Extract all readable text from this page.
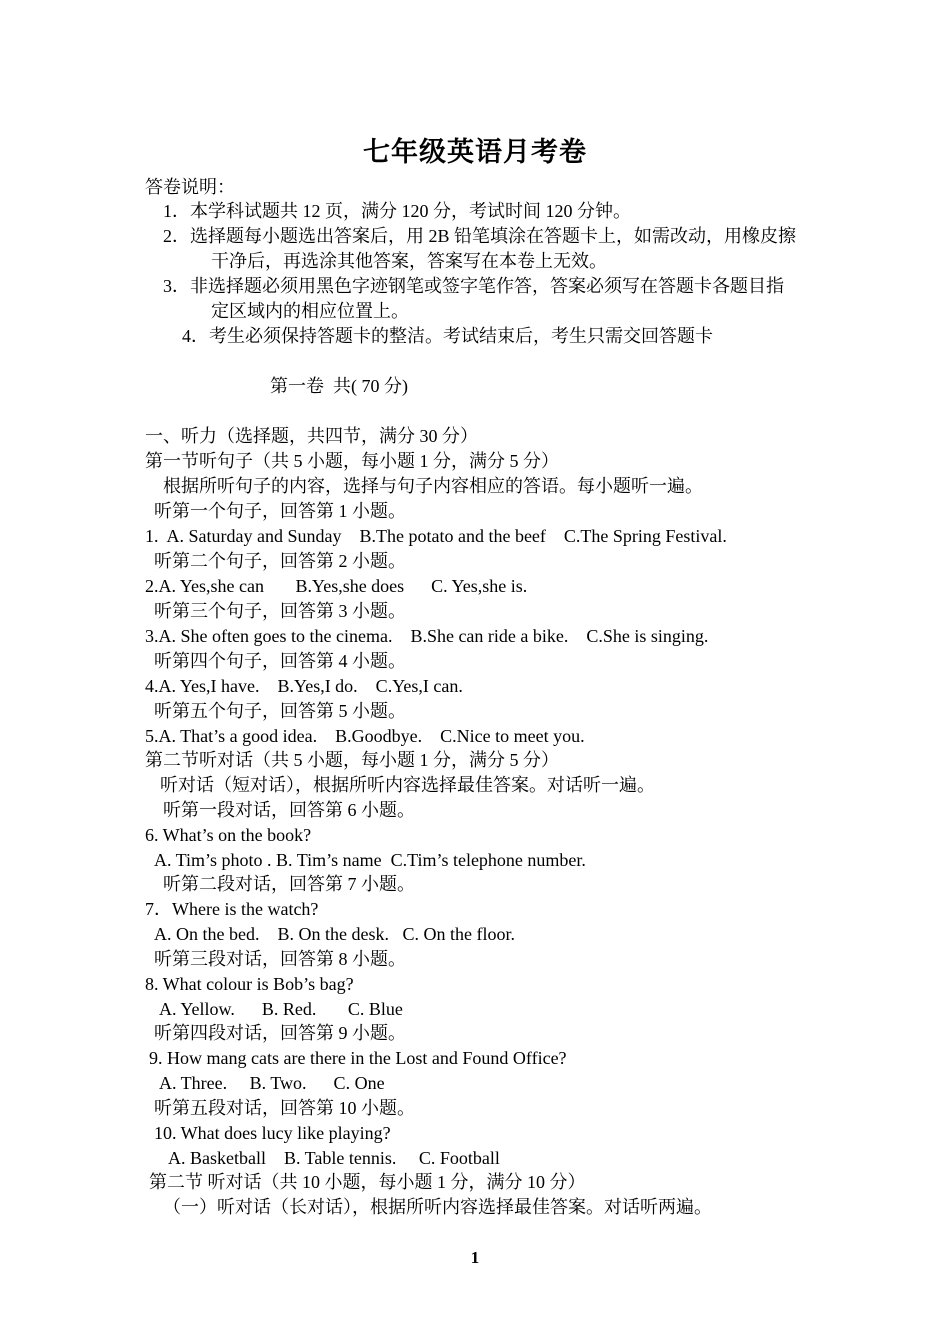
七年级英语月考卷
答卷说明：
1．本学科试题共 12 页，满分 120 分，考试时间 120 分钟。
2．选择题每小题选出答案后，用 2B 铅笔填涂在答题卡上，如需改动，用橡皮擦
干净后，再选涂其他答案，答案写在本卷上无效。
3．非选择题必须用黑色字迹钢笔或签字笔作答，答案必须写在答题卡各题目指
定区域内的相应位置上。
4．考生必须保持答题卡的整洁。考试结束后，考生只需交回答题卡
第一卷  共( 70 分)
一、听力（选择题，共四节，满分 30 分）
第一节听句子（共 5 小题，每小题 1 分，满分 5 分）
根据所听句子的内容，选择与句子内容相应的答语。每小题听一遍。
听第一个句子，回答第 1 小题。
1.  A. Saturday and Sunday    B.The potato and the beef    C.The Spring Festival.
听第二个句子，回答第 2 小题。
2.A. Yes,she can       B.Yes,she does      C. Yes,she is.
听第三个句子，回答第 3 小题。
3.A. She often goes to the cinema.    B.She can ride a bike.    C.She is singing.
听第四个句子，回答第 4 小题。
4.A. Yes,I have.    B.Yes,I do.    C.Yes,I can.
听第五个句子，回答第 5 小题。
5.A. That’s a good idea.    B.Goodbye.    C.Nice to meet you.
第二节听对话（共 5 小题，每小题 1 分，满分 5 分）
听对话（短对话），根据所听内容选择最佳答案。对话听一遍。
听第一段对话，回答第 6 小题。
6. What’s on the book?
A. Tim’s photo . B. Tim’s name  C.Tim’s telephone number.
听第二段对话，回答第 7 小题。
7．Where is the watch?
A. On the bed.    B. On the desk.   C. On the floor.
听第三段对话，回答第 8 小题。
8. What colour is Bob’s bag?
A. Yellow.      B. Red.       C. Blue
听第四段对话，回答第 9 小题。
9. How mang cats are there in the Lost and Found Office?
A. Three.     B. Two.      C. One
听第五段对话，回答第 10 小题。
10. What does lucy like playing?
A. Basketball    B. Table tennis.     C. Football
第二节 听对话（共 10 小题，每小题 1 分，满分 10 分）
（一）听对话（长对话），根据所听内容选择最佳答案。对话听两遍。
1
